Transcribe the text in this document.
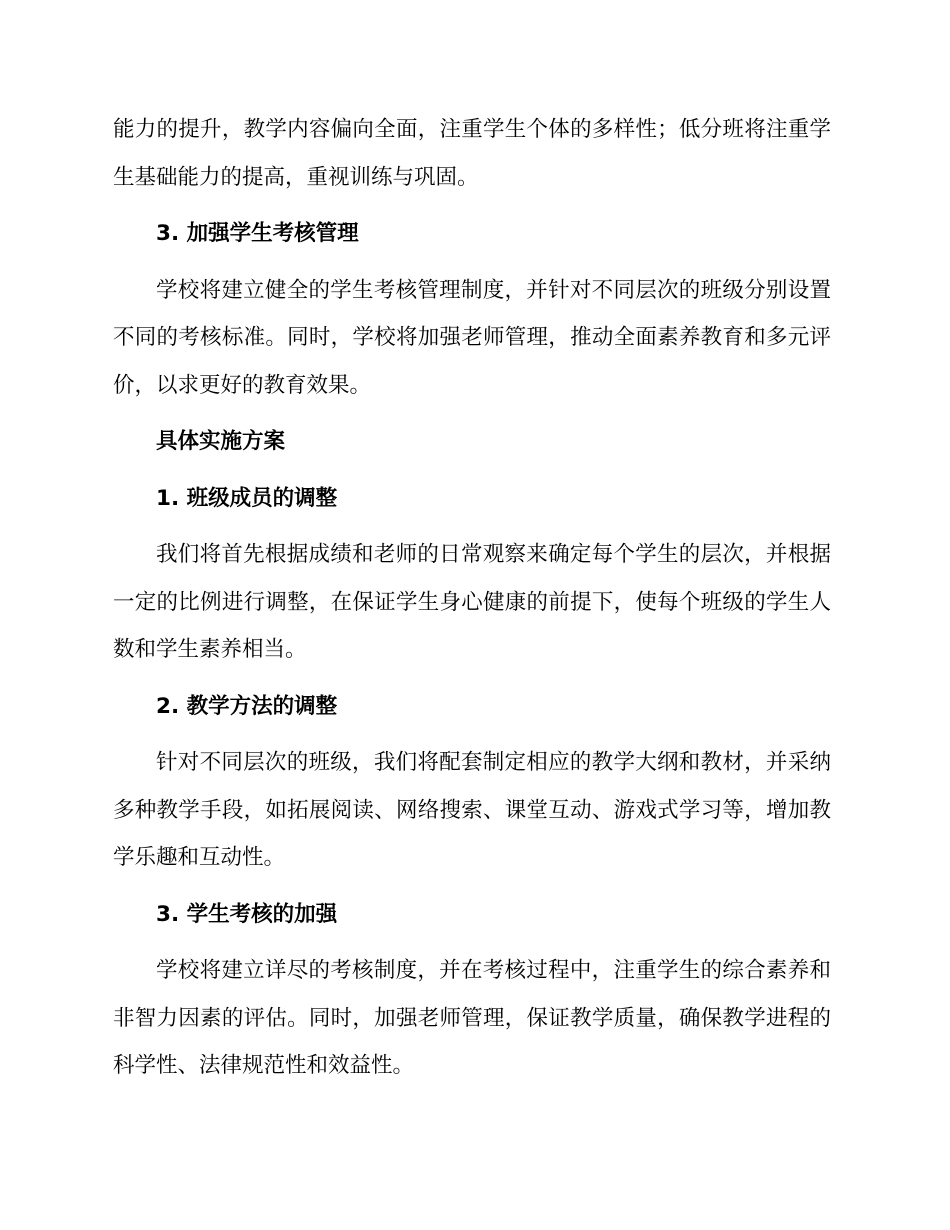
能力的提升，教学内容偏向全面，注重学生个体的多样性；低分班将注重学生基础能力的提高，重视训练与巩固。

3. 加强学生考核管理

学校将建立健全的学生考核管理制度，并针对不同层次的班级分别设置不同的考核标准。同时，学校将加强老师管理，推动全面素养教育和多元评价，以求更好的教育效果。

具体实施方案

1. 班级成员的调整

我们将首先根据成绩和老师的日常观察来确定每个学生的层次，并根据一定的比例进行调整，在保证学生身心健康的前提下，使每个班级的学生人数和学生素养相当。

2. 教学方法的调整

针对不同层次的班级，我们将配套制定相应的教学大纲和教材，并采纳多种教学手段，如拓展阅读、网络搜索、课堂互动、游戏式学习等，增加教学乐趣和互动性。

3. 学生考核的加强

学校将建立详尽的考核制度，并在考核过程中，注重学生的综合素养和非智力因素的评估。同时，加强老师管理，保证教学质量，确保教学进程的科学性、法律规范性和效益性。
